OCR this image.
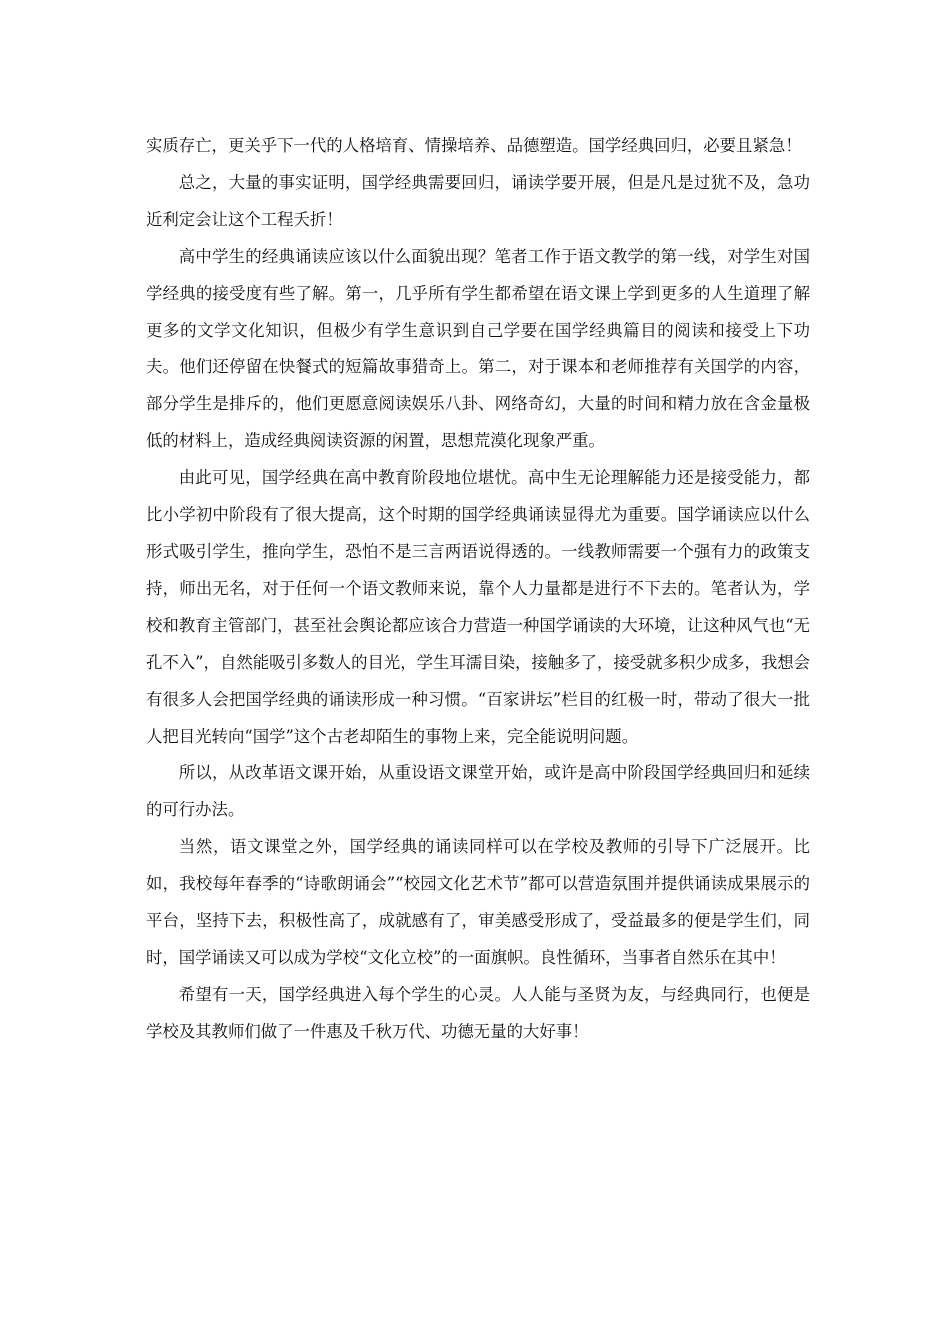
实质存亡，更关乎下一代的人格培育、情操培养、品德塑造。国学经典回归，必要且紧急！

总之，大量的事实证明，国学经典需要回归，诵读学要开展，但是凡是过犹不及，急功近利定会让这个工程夭折！

高中学生的经典诵读应该以什么面貌出现？笔者工作于语文教学的第一线，对学生对国学经典的接受度有些了解。第一，几乎所有学生都希望在语文课上学到更多的人生道理了解更多的文学文化知识，但极少有学生意识到自己学要在国学经典篇目的阅读和接受上下功夫。他们还停留在快餐式的短篇故事猎奇上。第二，对于课本和老师推荐有关国学的内容，部分学生是排斥的，他们更愿意阅读娱乐八卦、网络奇幻，大量的时间和精力放在含金量极低的材料上，造成经典阅读资源的闲置，思想荒漠化现象严重。

由此可见，国学经典在高中教育阶段地位堪忧。高中生无论理解能力还是接受能力，都比小学初中阶段有了很大提高，这个时期的国学经典诵读显得尤为重要。国学诵读应以什么  形式吸引学生，推向学生，恐怕不是三言两语说得透的。一线教师需要一个强有力的政策支持，师出无名，对于任何一个语文教师来说，靠个人力量都是进行不下去的。笔者认为，学校和教育主管部门，甚至社会舆论都应该合力营造一种国学诵读的大环境，让这种风气也“无孔不入”，自然能吸引多数人的目光，学生耳濡目染，接触多了，接受就多积少成多，我想会有很多人会把国学经典的诵读形成一种习惯。“百家讲坛”栏目的红极一时，带动了很大一批人把目光转向“国学”这个古老却陌生的事物上来，完全能说明问题。

所以，从改革语文课开始，从重设语文课堂开始，或许是高中阶段国学经典回归和延续的可行办法。

当然，语文课堂之外，国学经典的诵读同样可以在学校及教师的引导下广泛展开。比如，我校每年春季的“诗歌朗诵会”“校园文化艺术节”都可以营造氛围并提供诵读成果展示的平台，坚持下去，积极性高了，成就感有了，审美感受形成了，受益最多的便是学生们，同时，国学诵读又可以成为学校“文化立校”的一面旗帜。良性循环，当事者自然乐在其中！

希望有一天，国学经典进入每个学生的心灵。人人能与圣贤为友，与经典同行，也便是学校及其教师们做了一件惠及千秋万代、功德无量的大好事！
